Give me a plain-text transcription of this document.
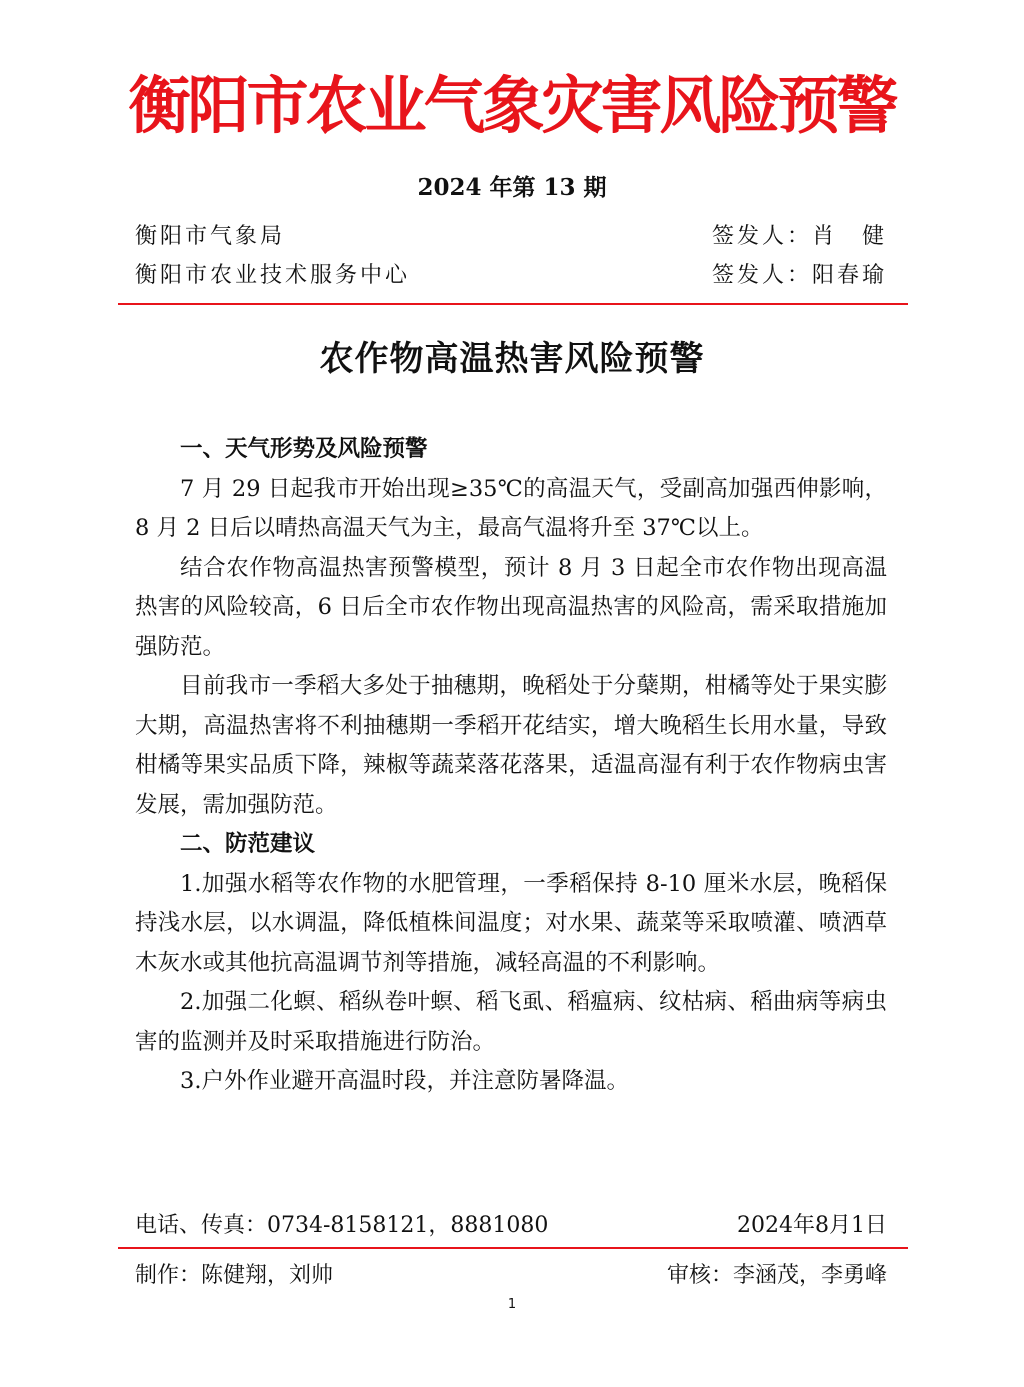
衡阳市农业气象灾害风险预警
2024 年第 13 期
衡阳市气象局	签发人：肖　健
衡阳市农业技术服务中心	签发人：阳春瑜
农作物高温热害风险预警
一、天气形势及风险预警

7 月 29 日起我市开始出现≥35℃的高温天气，受副高加强西伸影响，8 月 2 日后以晴热高温天气为主，最高气温将升至 37℃以上。

结合农作物高温热害预警模型，预计 8 月 3 日起全市农作物出现高温热害的风险较高，6 日后全市农作物出现高温热害的风险高，需采取措施加强防范。

目前我市一季稻大多处于抽穗期，晚稻处于分蘖期，柑橘等处于果实膨大期，高温热害将不利抽穗期一季稻开花结实，增大晚稻生长用水量，导致柑橘等果实品质下降，辣椒等蔬菜落花落果，适温高湿有利于农作物病虫害发展，需加强防范。

二、防范建议

1.加强水稻等农作物的水肥管理，一季稻保持 8-10 厘米水层，晚稻保持浅水层，以水调温，降低植株间温度；对水果、蔬菜等采取喷灌、喷洒草木灰水或其他抗高温调节剂等措施，减轻高温的不利影响。

2.加强二化螟、稻纵卷叶螟、稻飞虱、稻瘟病、纹枯病、稻曲病等病虫害的监测并及时采取措施进行防治。

3.户外作业避开高温时段，并注意防暑降温。

电话、传真：0734-8158121，8881080	2024年8月1日
制作：陈健翔，刘帅	审核：李涵茂，李勇峰
1
